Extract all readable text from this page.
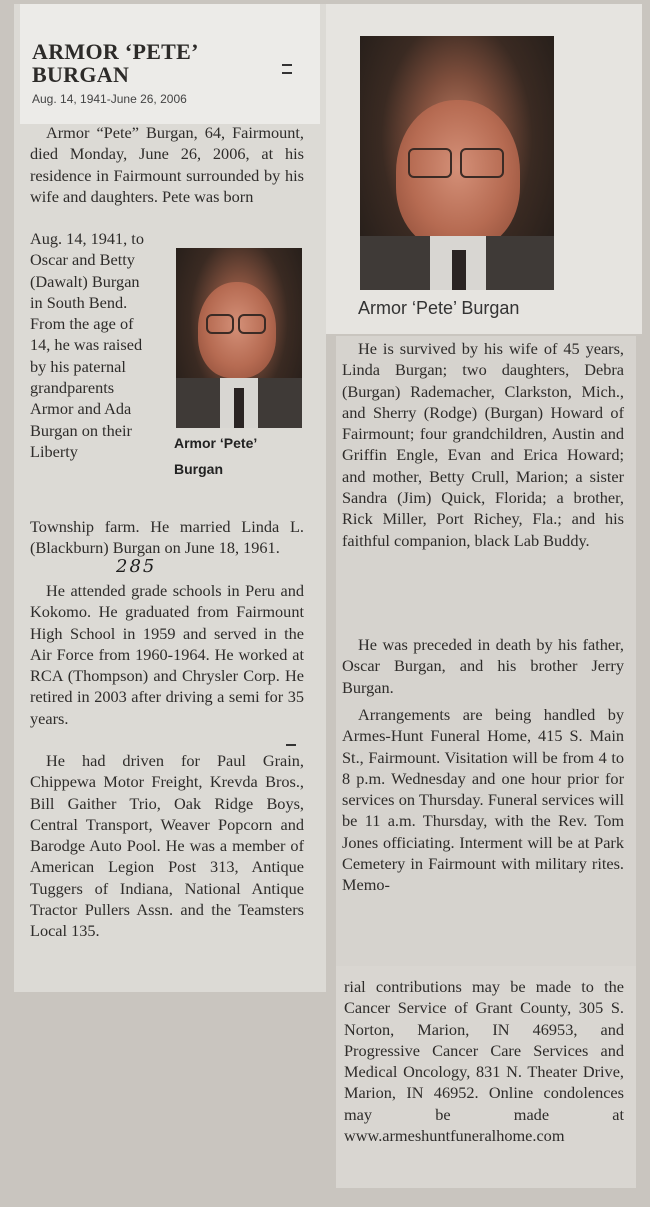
ARMOR ‘PETE’ BURGAN
Aug. 14, 1941-June 26, 2006

Armor “Pete” Burgan, 64, Fairmount, died Monday, June 26, 2006, at his residence in Fairmount surrounded by his wife and daughters. Pete was born

Aug. 14, 1941, to Oscar and Betty (Dawalt) Burgan in South Bend. From the age of 14, he was raised by his paternal grandparents Armor and Ada Burgan on their Liberty

Township farm. He married Linda L. (Blackburn) Burgan on June 18, 1961.

285

He attended grade schools in Peru and Kokomo. He graduated from Fairmount High School in 1959 and served in the Air Force from 1960-1964. He worked at RCA (Thompson) and Chrysler Corp. He retired in 2003 after driving a semi for 35 years.

He had driven for Paul Grain, Chippewa Motor Freight, Krevda Bros., Bill Gaither Trio, Oak Ridge Boys, Central Transport, Weaver Popcorn and Barodge Auto Pool. He was a member of American Legion Post 313, Antique Tuggers of Indiana, National Antique Tractor Pullers Assn. and the Teamsters Local 135.

Armor ‘Pete’ Burgan
Armor ‘Pete’ Burgan

He is survived by his wife of 45 years, Linda Burgan; two daughters, Debra (Burgan) Rademacher, Clarkston, Mich., and Sherry (Rodge) (Burgan) Howard of Fairmount; four grandchildren, Austin and Griffin Engle, Evan and Erica Howard; and mother, Betty Crull, Marion; a sister Sandra (Jim) Quick, Florida; a brother, Rick Miller, Port Richey, Fla.; and his faithful companion, black Lab Buddy.

He was preceded in death by his father, Oscar Burgan, and his brother Jerry Burgan.

Arrangements are being handled by Armes-Hunt Funeral Home, 415 S. Main St., Fairmount. Visitation will be from 4 to 8 p.m. Wednesday and one hour prior for services on Thursday. Funeral services will be 11 a.m. Thursday, with the Rev. Tom Jones officiating. Interment will be at Park Cemetery in Fairmount with military rites. Memo-

rial contributions may be made to the Cancer Service of Grant County, 305 S. Norton, Marion, IN 46953, and Progressive Cancer Care Services and Medical Oncology, 831 N. Theater Drive, Marion, IN 46952. Online condolences may be made at www.armeshuntfuneralhome.com
